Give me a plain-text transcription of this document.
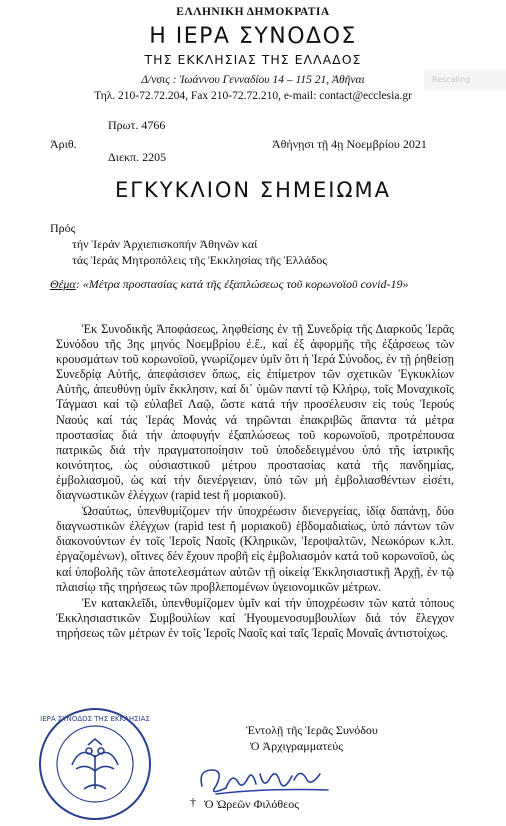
ΕΛΛΗΝΙΚΗ ΔΗΜΟΚΡΑΤΙΑ
Η ΙΕΡΑ ΣΥΝΟΔΟΣ
ΤΗΣ ΕΚΚΛΗΣΙΑΣ ΤΗΣ ΕΛΛΑΔΟΣ
Δ/νσις : Ἰωάννου Γενναδίου 14 – 115 21, Ἀθῆναι
Τηλ. 210-72.72.204, Fax 210-72.72.210, e-mail: contact@ecclesia.gr
Rescaling
Πρωτ. 4766
Ἀριθ.
Διεκπ. 2205
Ἀθήνῃσι τῇ 4ῃ Νοεμβρίου 2021
ΕΓΚΥΚΛΙΟΝ ΣΗΜΕΙΩΜΑ
Πρός
τήν Ἱεράν Ἀρχιεπισκοπήν Ἀθηνῶν καί
τάς Ἱεράς Μητροπόλεις τῆς Ἐκκλησίας τῆς Ἑλλάδος
Θέμα: «Μέτρα προστασίας κατά τῆς ἐξαπλώσεως τοῦ κορωνοϊοῦ covid-19»

Ἐκ Συνοδικῆς Ἀποφάσεως, ληφθείσης ἐν τῇ Συνεδρίᾳ τῆς Διαρκοῦς Ἱερᾶς Συνόδου τῆς 3ης μηνός Νοεμβρίου ἐ.ἔ., καί ἐξ ἀφορμῆς τῆς ἐξάρσεως τῶν κρουσμάτων τοῦ κορωνοϊοῦ, γνωρίζομεν ὑμῖν ὅτι ἡ Ἱερά Σύνοδος, ἐν τῇ ῥηθείσῃ Συνεδρίᾳ Αὐτῆς, ἀπεφάσισεν ὅπως, εἰς ἐπίμετρον τῶν σχετικῶν Ἐγκυκλίων Αὐτῆς, ἀπευθύνῃ ὑμῖν ἔκκλησιν, καί δι᾽ ὑμῶν παντί τῷ Κλήρῳ, τοῖς Μοναχικοῖς Τάγμασι καί τῷ εὐλαβεῖ Λαῷ, ὥστε κατά τήν προσέλευσιν εἰς τούς Ἱερούς Ναούς καί τάς Ἱεράς Μονάς νά τηρῶνται ἐπακριβῶς ἅπαντα τά μέτρα προστασίας διά τήν ἀποφυγήν ἐξαπλώσεως τοῦ κορωνοϊοῦ, προτρέπουσα πατρικῶς διά τήν πραγματοποίησιν τοῦ ὑποδεδειγμένου ὑπό τῆς ἰατρικῆς κοινότητος, ὡς οὐσιαστικοῦ μέτρου προστασίας κατά τῆς πανδημίας, ἐμβολιασμοῦ, ὡς καί τήν διενέργειαν, ὑπό τῶν μή ἐμβολιασθέντων εἰσέτι, διαγνωστικῶν ἐλέγχων (rapid test ἤ μοριακοῦ).

Ὡσαύτως, ὑπενθυμίζομεν τήν ὑποχρέωσιν διενεργείας, ἰδίᾳ δαπάνῃ, δύο διαγνωστικῶν ἐλέγχων (rapid test ἤ μοριακοῦ) ἑβδομαδιαίως, ὑπό πάντων τῶν διακονούντων ἐν τοῖς Ἱεροῖς Ναοῖς (Κληρικῶν, Ἱεροψαλτῶν, Νεωκόρων κ.λπ. ἐργαζομένων), οἵτινες δέν ἔχουν προβῆ εἰς ἐμβολιασμόν κατά τοῦ κορωνοϊοῦ, ὡς καί ὑποβολῆς τῶν ἀποτελεσμάτων αὐτῶν τῇ οἰκείᾳ Ἐκκλησιαστικῇ Ἀρχῇ, ἐν τῷ πλαισίῳ τῆς τηρήσεως τῶν προβλεπομένων ὑγειονομικῶν μέτρων.

Ἐν κατακλεῖδι, ὑπενθυμίζομεν ὑμῖν καί τήν ὑποχρέωσιν τῶν κατά τόπους Ἐκκλησιαστικῶν Συμβουλίων καί Ἡγουμενοσυμβουλίων διά τόν ἔλεγχον τηρήσεως τῶν μέτρων ἐν τοῖς Ἱεροῖς Ναοῖς καί ταῖς Ἱεραῖς Μοναῖς ἀντιστοίχως.

Ἐντολῇ τῆς Ἱερᾶς Συνόδου
Ὁ Ἀρχιγραμματεύς
ΙΕΡΑ ΣΥΝΟΔΟΣ ΤΗΣ ΕΚΚΛΗΣΙΑΣ
† Ὁ Ὠρεῶν Φιλόθεος
